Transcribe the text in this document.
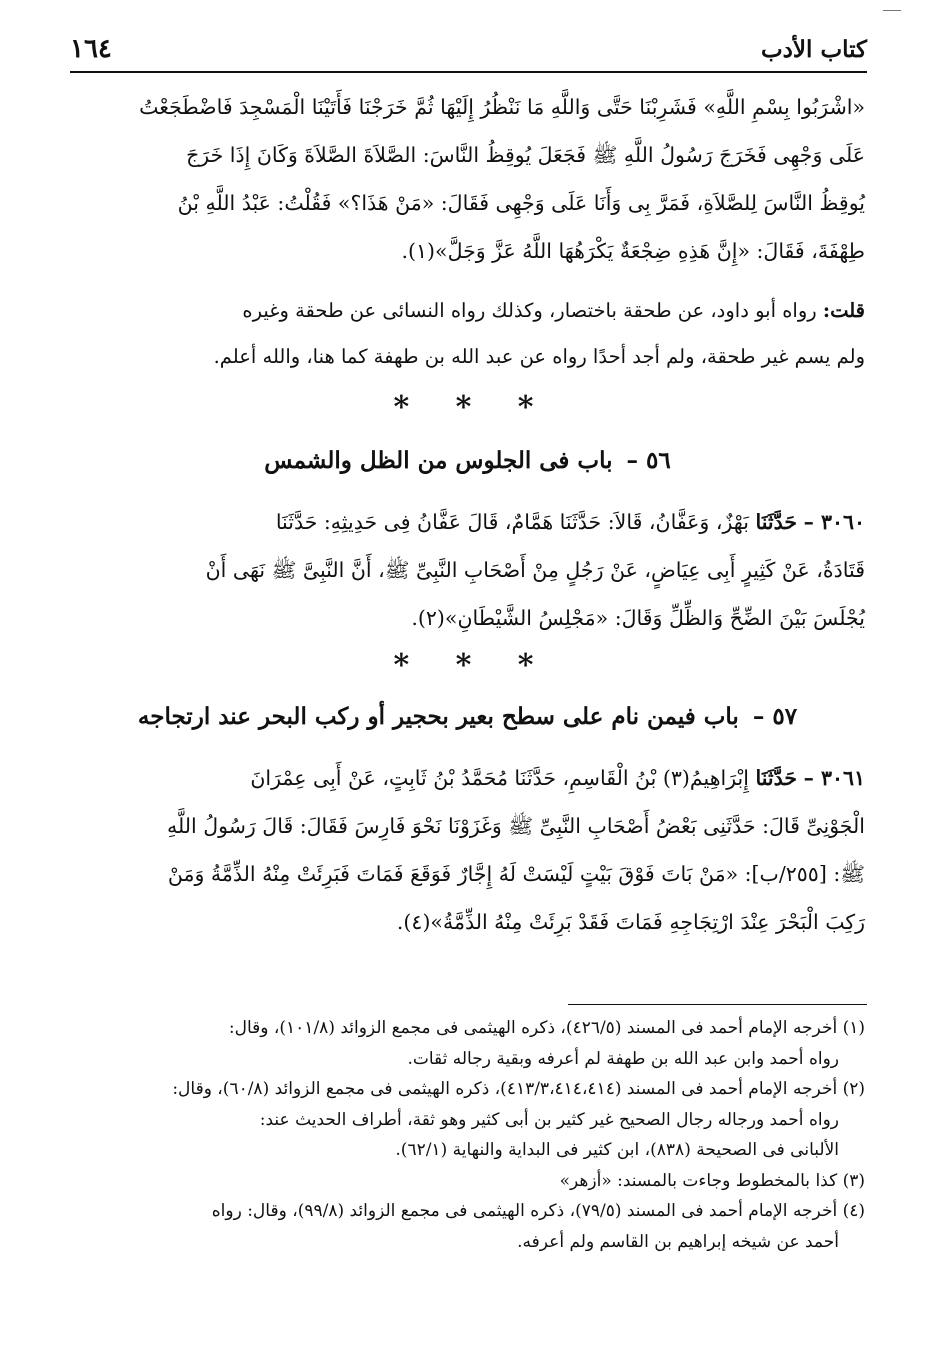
١٦٤	كتاب الأدب

«اشْرَبُوا بِسْمِ اللَّهِ» فَشَرِبْنَا حَتَّى وَاللَّهِ مَا نَنْظُرُ إِلَيْهَا ثُمَّ خَرَجْنَا فَأَتَيْنَا الْمَسْجِدَ فَاضْطَجَعْتُ

عَلَى وَجْهِى فَخَرَجَ رَسُولُ اللَّهِ ﷺ فَجَعَلَ يُوقِظُ النَّاسَ: الصَّلاَةَ الصَّلاَةَ وَكَانَ إِذَا خَرَجَ

يُوقِظُ النَّاسَ لِلصَّلاَةِ، فَمَرَّ بِى وَأَنَا عَلَى وَجْهِى فَقَالَ: «مَنْ هَذَا؟» فَقُلْتُ: عَبْدُ اللَّهِ بْنُ

طِهْفَةَ، فَقَالَ: «إِنَّ هَذِهِ ضِجْعَةٌ يَكْرَهُهَا اللَّهُ عَزَّ وَجَلَّ»(١).

قلت: رواه أبو داود، عن طحقة باختصار، وكذلك رواه النسائى عن طحقة وغيره

ولم يسم غير طحقة، ولم أجد أحدًا رواه عن عبد الله بن طهفة كما هنا، والله أعلم.

* * *
٥٦ – باب فى الجلوس من الظل والشمس

٣٠٦٠ – حَدَّثَنَا بَهْزٌ، وَعَفَّانُ، قَالاَ: حَدَّثَنَا هَمَّامٌ، قَالَ عَفَّانُ فِى حَدِيثِهِ: حَدَّثَنَا

قَتَادَةُ، عَنْ كَثِيرٍ أَبِى عِيَاضٍ، عَنْ رَجُلٍ مِنْ أَصْحَابِ النَّبِىِّ ﷺ، أَنَّ النَّبِىَّ ﷺ نَهَى أَنْ

يُجْلَسَ بَيْنَ الضِّحِّ وَالظِّلِّ وَقَالَ: «مَجْلِسُ الشَّيْطَانِ»(٢).

* * *
٥٧ – باب فيمن نام على سطح بعير بحجير أو ركب البحر عند ارتجاجه

٣٠٦١ – حَدَّثَنَا إِبْرَاهِيمُ(٣) بْنُ الْقَاسِمِ، حَدَّثَنَا مُحَمَّدُ بْنُ ثَابِتٍ، عَنْ أَبِى عِمْرَانَ

الْجَوْنِىِّ قَالَ: حَدَّثَنِى بَعْضُ أَصْحَابِ النَّبِىِّ ﷺ وَغَزَوْنَا نَحْوَ فَارِسَ فَقَالَ: قَالَ رَسُولُ اللَّهِ

ﷺ: [٢٥٥/ب]: «مَنْ بَاتَ فَوْقَ بَيْتٍ لَيْسَتْ لَهُ إِجَّارٌ فَوَقَعَ فَمَاتَ فَبَرِئَتْ مِنْهُ الذِّمَّةُ وَمَنْ

رَكِبَ الْبَحْرَ عِنْدَ ارْتِجَاجِهِ فَمَاتَ فَقَدْ بَرِئَتْ مِنْهُ الذِّمَّةُ»(٤).

(١) أخرجه الإمام أحمد فى المسند (٤٢٦/٥)، ذكره الهيثمى فى مجمع الزوائد (١٠١/٨)، وقال:

رواه أحمد وابن عبد الله بن طهفة لم أعرفه وبقية رجاله ثقات.

(٢) أخرجه الإمام أحمد فى المسند (٤١٣/٣،٤١٤،٤١٤)، ذكره الهيثمى فى مجمع الزوائد (٦٠/٨)، وقال:

رواه أحمد ورجاله رجال الصحيح غير كثير بن أبى كثير وهو ثقة، أطراف الحديث عند:

الألبانى فى الصحيحة (٨٣٨)، ابن كثير فى البداية والنهاية (٦٢/١).

(٣) كذا بالمخطوط وجاءت بالمسند: «أزهر»

(٤) أخرجه الإمام أحمد فى المسند (٧٩/٥)، ذكره الهيثمى فى مجمع الزوائد (٩٩/٨)، وقال: رواه

أحمد عن شيخه إبراهيم بن القاسم ولم أعرفه.
